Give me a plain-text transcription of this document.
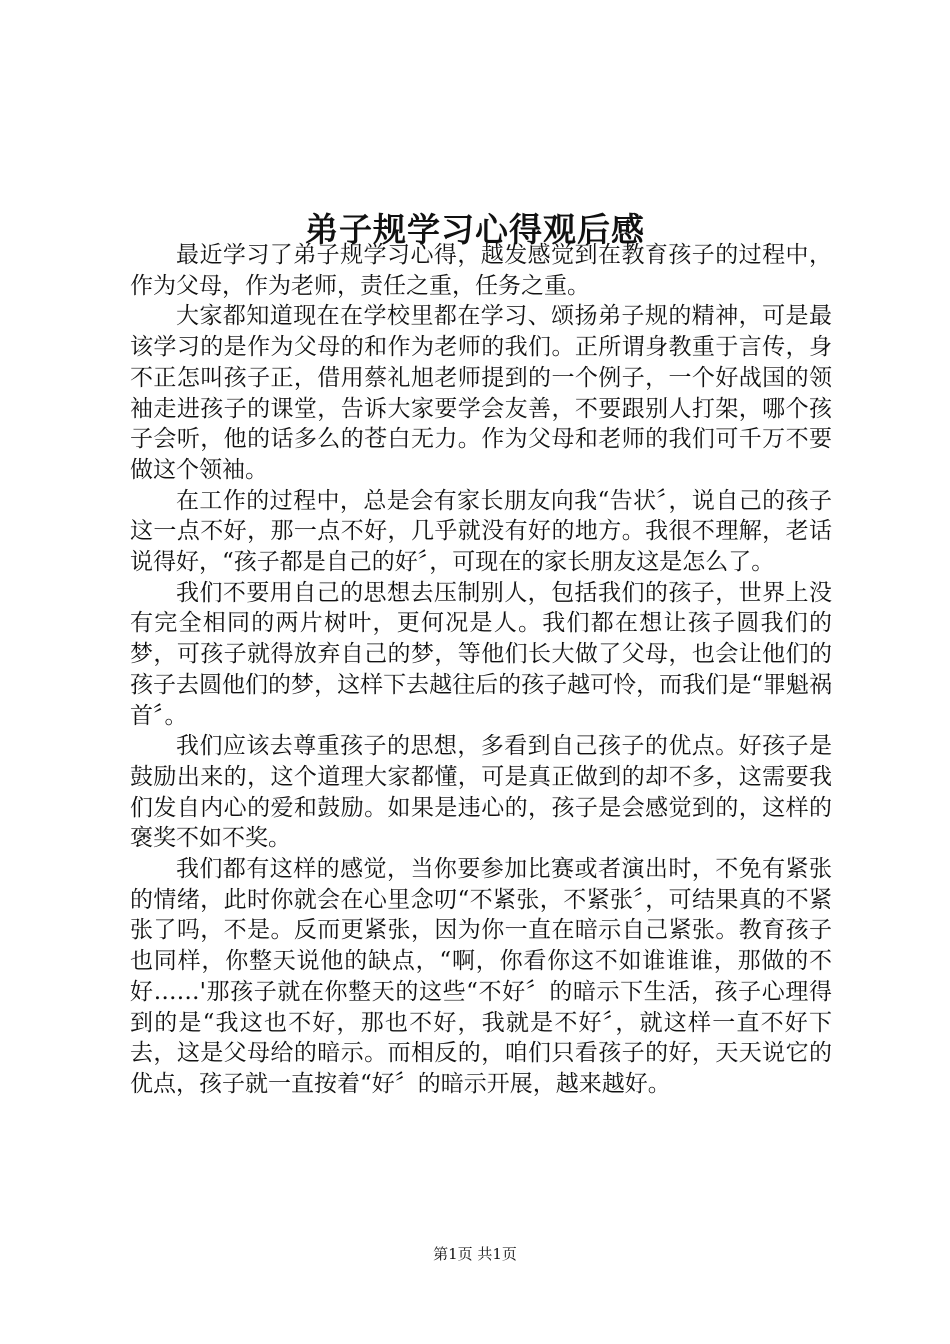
弟子规学习心得观后感

最近学习了弟子规学习心得，越发感觉到在教育孩子的过程中，作为父母，作为老师，责任之重，任务之重。

大家都知道现在在学校里都在学习、颂扬弟子规的精神，可是最该学习的是作为父母的和作为老师的我们。正所谓身教重于言传，身不正怎叫孩子正，借用蔡礼旭老师提到的一个例子，一个好战国的领袖走进孩子的课堂，告诉大家要学会友善，不要跟别人打架，哪个孩子会听，他的话多么的苍白无力。作为父母和老师的我们可千万不要做这个领袖。

在工作的过程中，总是会有家长朋友向我“告状〞，说自己的孩子这一点不好，那一点不好，几乎就没有好的地方。我很不理解，老话说得好，“孩子都是自己的好〞，可现在的家长朋友这是怎么了。

我们不要用自己的思想去压制别人，包括我们的孩子，世界上没有完全相同的两片树叶，更何况是人。我们都在想让孩子圆我们的梦，可孩子就得放弃自己的梦，等他们长大做了父母，也会让他们的孩子去圆他们的梦，这样下去越往后的孩子越可怜，而我们是“罪魁祸首〞。

我们应该去尊重孩子的思想，多看到自己孩子的优点。好孩子是鼓励出来的，这个道理大家都懂，可是真正做到的却不多，这需要我们发自内心的爱和鼓励。如果是违心的，孩子是会感觉到的，这样的褒奖不如不奖。

我们都有这样的感觉，当你要参加比赛或者演出时，不免有紧张的情绪，此时你就会在心里念叨“不紧张，不紧张〞，可结果真的不紧张了吗，不是。反而更紧张，因为你一直在暗示自己紧张。教育孩子也同样，你整天说他的缺点，“啊，你看你这不如谁谁谁，那做的不好……'那孩子就在你整天的这些“不好〞的暗示下生活，孩子心理得到的是“我这也不好，那也不好，我就是不好〞，就这样一直不好下去，这是父母给的暗示。而相反的，咱们只看孩子的好，天天说它的优点，孩子就一直按着“好〞的暗示开展，越来越好。

第1页 共1页
